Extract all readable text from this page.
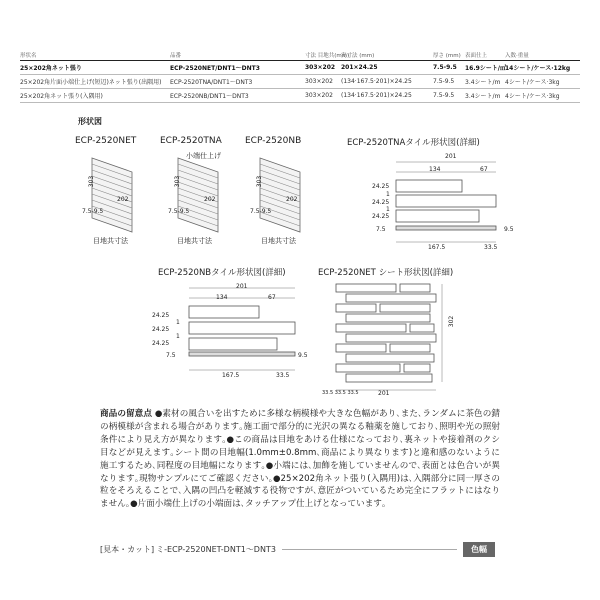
形状名	品番	寸法 目地共(mm)
実寸法 (mm)	厚さ (mm) 表面仕上	入数·重量
25×202角ネット張り	ECP-2520NET/DNT1～DNT3	303×202 201×24.25	7.5-9.5	16.9シート/㎡ 14シート/ケース·12kg
25×202角片面小端仕上げ(短辺)ネット張り(出隅用)	ECP-2520TNA/DNT1～DNT3	303×202	(134·167.5·201)×24.25	7.5-9.5	3.4シート/m 4シート/ケース·3kg
25×202角ネット張り(入隅用)	ECP-2520NB/DNT1～DNT3	303×202	(134·167.5·201)×24.25	7.5-9.5	3.4シート/m 4シート/ケース·3kg
形状図
ECP-2520NET	ECP-2520TNA
小端仕上げ
ECP-2520NB	ECP-2520TNAタイル形状図(詳細)
ECP-2520NBタイル形状図(詳細)	ECP-2520NET シート形状図(詳細)
303
202
7.5-9.5
303
202
7.5-9.5
303
202
7.5-9.5
目地共寸法	目地共寸法	目地共寸法
201
134	67
24.25
24.25
24.25
1
1
7.5	9.5
167.5	33.5
201
134	67
24.25
24.25
24.25
1
1
7.5	9.5
167.5	33.5
302
33.5 33.5 33.5	201
商品の留意点 ●素材の風合いを出すために多様な柄模様や大きな色幅があり､また､ランダムに茶色の錆の柄模様が含まれる場合があります｡施工面で部分的に光沢の異なる釉薬を施しており､照明や光の照射条件により見え方が異なります｡●この商品は目地をあける仕様になっており､裏ネットや接着剤のクシ目などが見えます｡シート間の目地幅(1.0mm±0.8mm､商品により異なります)と違和感のないように施工するため､同程度の目地幅になります｡●小端には､加飾を施していませんので､表面とは色合いが異なります｡現物サンプルにてご確認ください｡●25×202角ネット張り(入隅用)は､入隅部分に同一厚さの粒をそろえることで､入隅の凹凸を軽減する役物ですが､意匠がついているため完全にフラットにはなりません｡●片面小端仕上げの小端面は､タッチアップ仕上げとなっています｡
[見本・カット] ミ-ECP-2520NET-DNT1～DNT3	色幅
